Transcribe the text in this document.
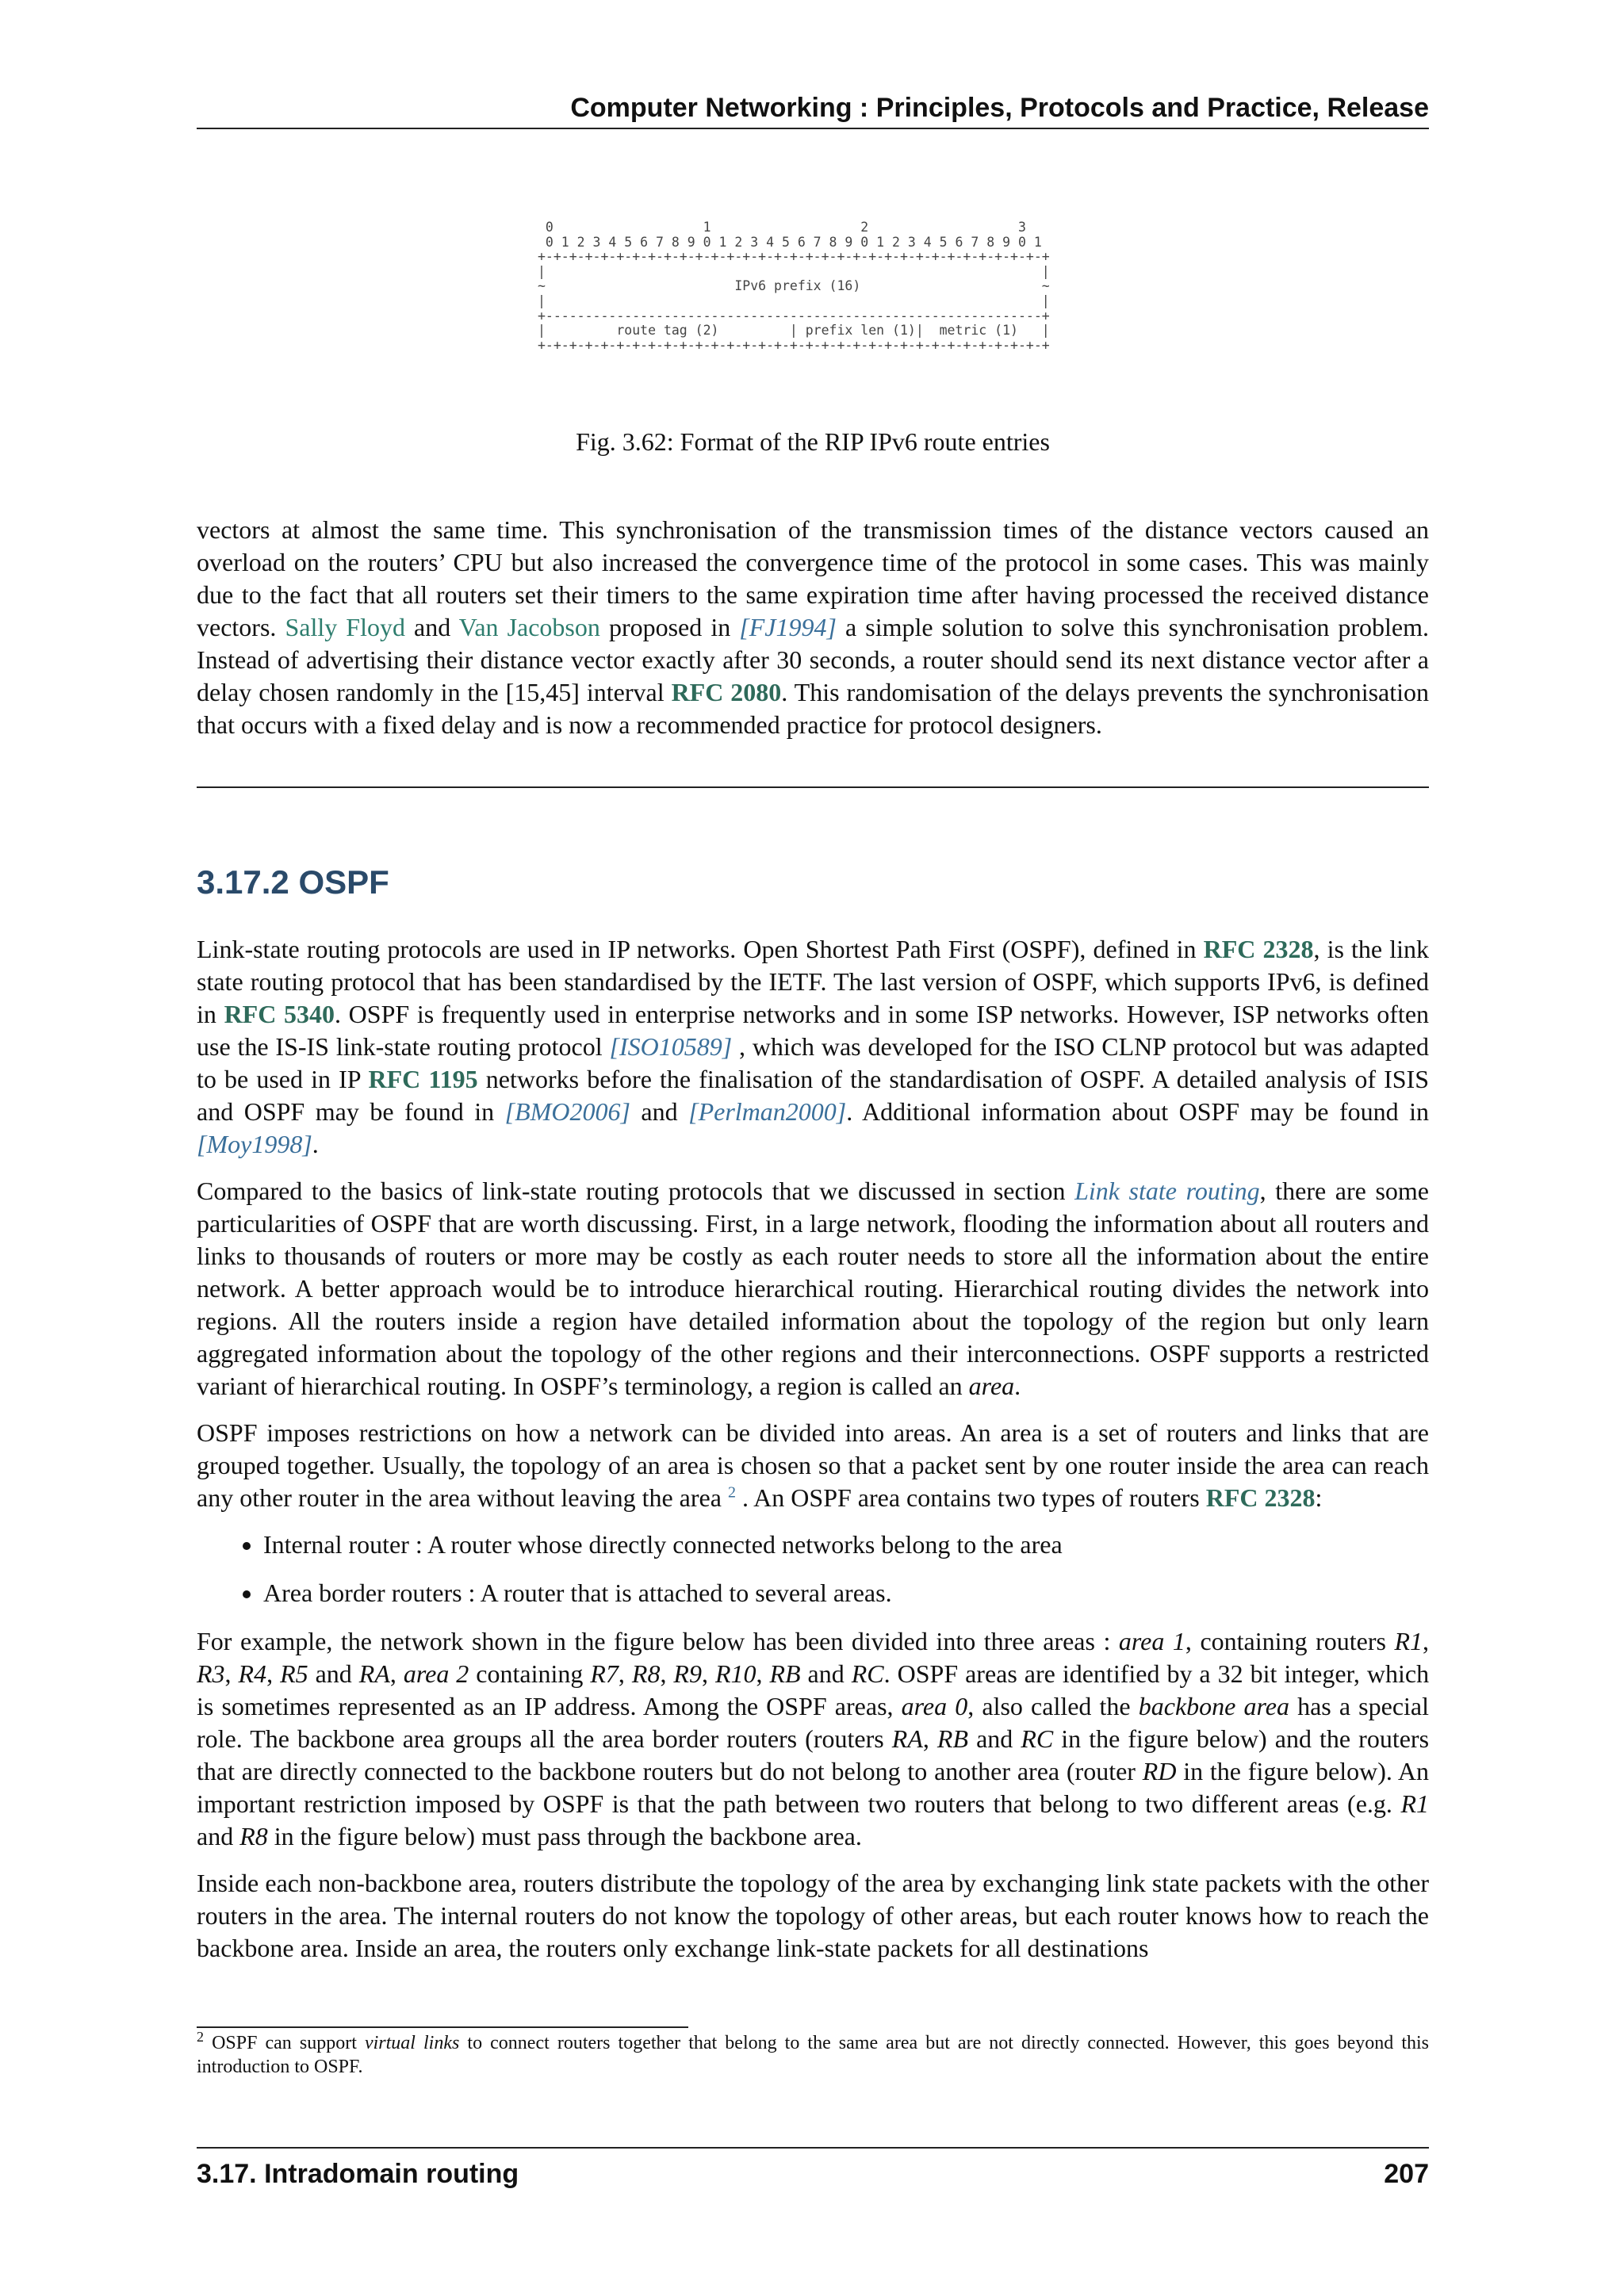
Computer Networking : Principles, Protocols and Practice, Release
0                   1                   2                   3
0 1 2 3 4 5 6 7 8 9 0 1 2 3 4 5 6 7 8 9 0 1 2 3 4 5 6 7 8 9 0 1
+-+-+-+-+-+-+-+-+-+-+-+-+-+-+-+-+-+-+-+-+-+-+-+-+-+-+-+-+-+-+-+-+
|                                                               |
~                        IPv6 prefix (16)                       ~
|                                                               |
+---------------------------------------------------------------+
|         route tag (2)         | prefix len (1)|  metric (1)   |
+-+-+-+-+-+-+-+-+-+-+-+-+-+-+-+-+-+-+-+-+-+-+-+-+-+-+-+-+-+-+-+-+
Fig. 3.62: Format of the RIP IPv6 route entries

vectors at almost the same time. This synchronisation of the transmission times of the distance vectors caused an overload on the routers’ CPU but also increased the convergence time of the protocol in some cases. This was mainly due to the fact that all routers set their timers to the same expiration time after having processed the received distance vectors. Sally Floyd and Van Jacobson proposed in [FJ1994] a simple solution to solve this synchronisation problem. Instead of advertising their distance vector exactly after 30 seconds, a router should send its next distance vector after a delay chosen randomly in the [15,45] interval RFC 2080. This randomisation of the delays prevents the synchronisation that occurs with a fixed delay and is now a recommended practice for protocol designers.

3.17.2 OSPF

Link-state routing protocols are used in IP networks. Open Shortest Path First (OSPF), defined in RFC 2328, is the link state routing protocol that has been standardised by the IETF. The last version of OSPF, which supports IPv6, is defined in RFC 5340. OSPF is frequently used in enterprise networks and in some ISP networks. However, ISP networks often use the IS-IS link-state routing protocol [ISO10589] , which was developed for the ISO CLNP protocol but was adapted to be used in IP RFC 1195 networks before the finalisation of the standardisation of OSPF. A detailed analysis of ISIS and OSPF may be found in [BMO2006] and [Perlman2000]. Additional information about OSPF may be found in [Moy1998].

Compared to the basics of link-state routing protocols that we discussed in section Link state routing, there are some particularities of OSPF that are worth discussing. First, in a large network, flooding the information about all routers and links to thousands of routers or more may be costly as each router needs to store all the information about the entire network. A better approach would be to introduce hierarchical routing. Hierarchical routing divides the network into regions. All the routers inside a region have detailed information about the topology of the region but only learn aggregated information about the topology of the other regions and their interconnections. OSPF supports a restricted variant of hierarchical routing. In OSPF’s terminology, a region is called an area.

OSPF imposes restrictions on how a network can be divided into areas. An area is a set of routers and links that are grouped together. Usually, the topology of an area is chosen so that a packet sent by one router inside the area can reach any other router in the area without leaving the area $^2$ . An OSPF area contains two types of routers RFC 2328:

• Internal router : A router whose directly connected networks belong to the area
• Area border routers : A router that is attached to several areas.

For example, the network shown in the figure below has been divided into three areas : area 1, containing routers R1, R3, R4, R5 and RA, area 2 containing R7, R8, R9, R10, RB and RC. OSPF areas are identified by a 32 bit integer, which is sometimes represented as an IP address. Among the OSPF areas, area 0, also called the backbone area has a special role. The backbone area groups all the area border routers (routers RA, RB and RC in the figure below) and the routers that are directly connected to the backbone routers but do not belong to another area (router RD in the figure below). An important restriction imposed by OSPF is that the path between two routers that belong to two different areas (e.g. R1 and R8 in the figure below) must pass through the backbone area.

Inside each non-backbone area, routers distribute the topology of the area by exchanging link state packets with the other routers in the area. The internal routers do not know the topology of other areas, but each router knows how to reach the backbone area. Inside an area, the routers only exchange link-state packets for all destinations

$^2$ OSPF can support virtual links to connect routers together that belong to the same area but are not directly connected. However, this goes beyond this introduction to OSPF.
3.17. Intradomain routing	207
